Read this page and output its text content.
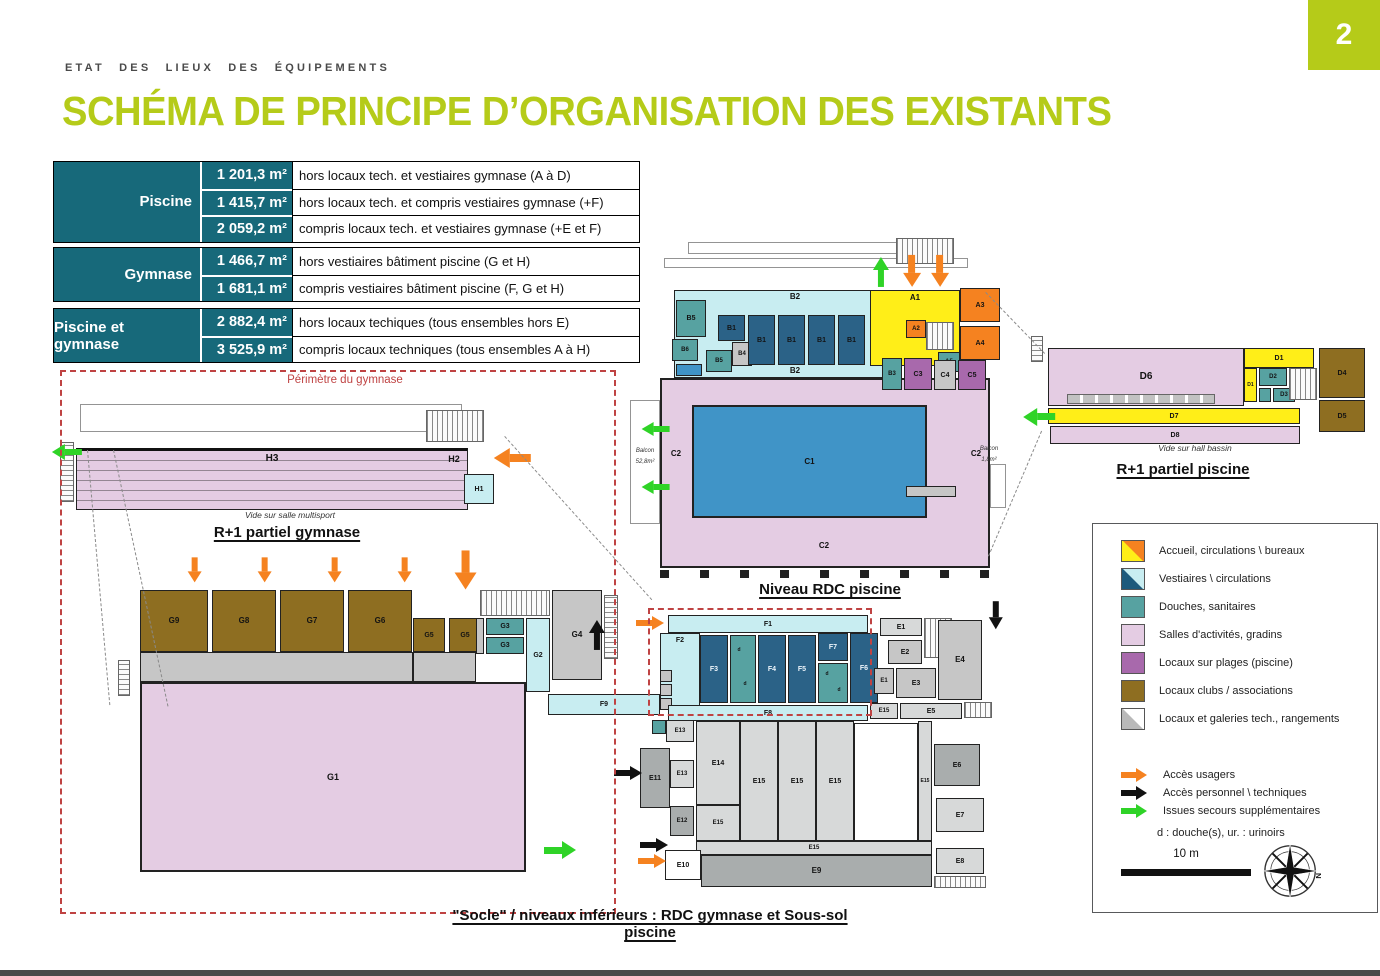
2
ETAT DES LIEUX DES ÉQUIPEMENTS
SCHÉMA DE PRINCIPE D’ORGANISATION DES EXISTANTS
Piscine
1 201,3 m² hors locaux tech. et vestiaires gymnase (A à D)
1 415,7 m² hors locaux tech. et compris vestiaires gymnase (+F)
2 059,2 m² compris locaux tech. et vestiaires gymnase (+E et F)
Gymnase
1 466,7 m² hors vestiaires bâtiment piscine (G et H)
1 681,1 m² compris vestiaires bâtiment piscine (F, G et H)
Piscine et gymnase
2 882,4 m² hors locaux techiques (tous ensembles hors E)
3 525,9 m² compris locaux techniques (tous ensembles A à H)
H3	H2
H1
B5
B6
B5
B4
B1
B1	B1	B1	B1
B2
B2
A1
A3
A4
A2
B3	C3	C4	C5
C1
C2	C2
C2
Balcon
52,8m²
Balcon
1,8m²
D6
D1
D1
D2
D3
D4
D5
D7
D8
G9	G8	G7	G6
G5	G5
G3
G3
G2
G4
G1
F9
F1
F2
F3
d
d
F4	F5
F7
d
d
F6
F8
E1
E2
E1	E3
E4
E15	E5
E13
E11
E13
E12
E14
E15	E15	E15	E15
E15
E15
E6
E7
E8
E10
E9
R+1 partiel gymnase
Niveau RDC piscine
R+1 partiel piscine
"Socle" / niveaux inférieurs : RDC gymnase et Sous-sol piscine
Vide sur salle multisport
Vide sur hall bassin
Périmètre du gymnase
Accueil, circulations \ bureaux
Vestiaires \ circulations
Douches, sanitaires
Salles d'activités, gradins
Locaux sur plages (piscine)
Locaux clubs / associations
Locaux et galeries tech., rangements
Accès usagers
Accès personnel \ techniques
Issues secours supplémentaires
d : douche(s), ur. : urinoirs
10 m
N
